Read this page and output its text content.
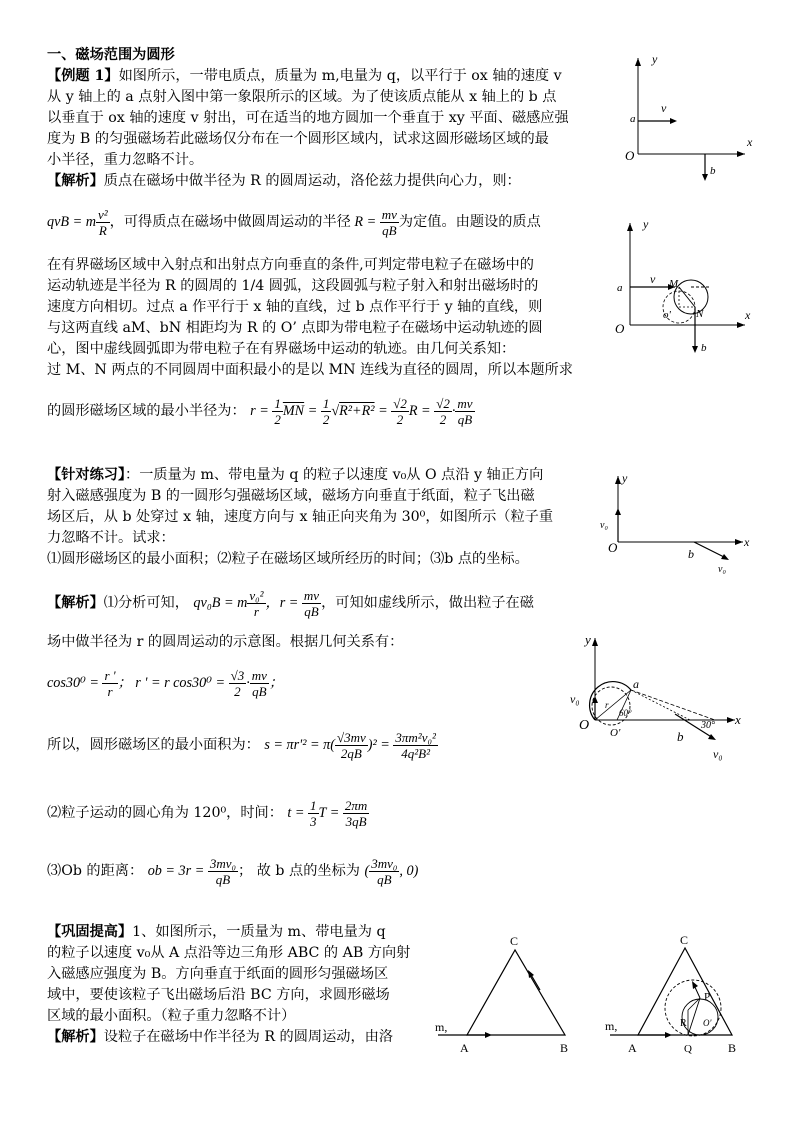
一、磁场范围为圆形
【例题 1】如图所示，一带电质点，质量为 m,电量为 q，以平行于 ox 轴的速度 v
从 y 轴上的 a 点射入图中第一象限所示的区域。为了使该质点能从 x 轴上的 b 点
以垂直于 ox 轴的速度 v 射出，可在适当的地方圆加一个垂直于 xy 平面、磁感应强
度为 B 的匀强磁场若此磁场仅分布在一个圆形区域内，试求这圆形磁场区域的最
小半径，重力忽略不计。
【解析】质点在磁场中做半径为 R 的圆周运动，洛伦兹力提供向心力，则：
qvB = m $\frac{\text{v²}}{R}$ ，可得质点在磁场中做圆周运动的半径 $R = \frac{mv}{qB}$ 为定值。由题设的质点
在有界磁场区域中入射点和出射点方向垂直的条件,可判定带电粒子在磁场中的
运动轨迹是半径为 R 的圆周的 1/4 圆弧，这段圆弧与粒子射入和射出磁场时的
速度方向相切。过点 a 作平行于 x 轴的直线，过 b 点作平行于 y 轴的直线，则
与这两直线 aM、bN 相距均为 R 的 O’ 点即为带电粒子在磁场中运动轨迹的圆
心，图中虚线圆弧即为带电粒子在有界磁场中运动的轨迹。由几何关系知：
过 M、N 两点的不同圆周中面积最小的是以 MN 连线为直径的圆周，所以本题所求
的圆形磁场区域的最小半径为： $r = \frac{1}{2} \overline{MN} = \frac{1}{2} √R^2+R^2 = \frac{√2}{2}$ $R = \frac{√2}{2} \cdot \frac{mv}{qB}$
【针对练习】：一质量为 m、带电量为 q 的粒子以速度 v₀从 O 点沿 y 轴正方向
射入磁感强度为 B 的一圆形匀强磁场区域，磁场方向垂直于纸面，粒子飞出磁
场区后，从 b 处穿过 x 轴，速度方向与 x 轴正向夹角为 30⁰，如图所示（粒子重
力忽略不计。试求：
⑴圆形磁场区的最小面积；⑵粒子在磁场区域所经历的时间；⑶b 点的坐标。
【解析】⑴分析可知， qv₀B = m $\frac{\text{v₀²}}{r}$ ，$r = \frac{mv}{qB}$ ，可知如虚线所示，做出粒子在磁
场中做半径为 r 的圆周运动的示意图。根据几何关系有：
$\cos 30^0 = \frac{r '}{r}$ ； r ' = r $\cos 30^0 = \frac{√3}{2} \cdot \frac{mv}{qB}$ ；
所以，圆形磁场区的最小面积为： $s = \pi r'^2 = \pi( \frac{√3mv}{2qB} )^2 = \frac{\text{3πm²v₀²}}{\text{4q²B²}}$
⑵粒子运动的圆心角为 120⁰，时间： $t = \frac{1}{3}$ $T = \frac{2\pi m}{3qB}$
⑶Ob 的距离： ob = $3r = \frac{\text{3mv₀}}{qB}$ ； 故 b 点的坐标为 ( $\frac{\text{3mv₀}}{qB}$ , 0)
【巩固提高】1、如图所示，一质量为 m、带电量为 q
的粒子以速度 v₀从 A 点沿等边三角形 ABC 的 AB 方向射
入磁感应强度为 B。方向垂直于纸面的圆形匀强磁场区
域中，要使该粒子飞出磁场后沿 BC 方向，求圆形磁场
区域的最小面积。（粒子重力忽略不计）
【解析】设粒子在磁场中作半径为 R 的圆周运动，由洛
y
x
O
a
v
b
y
x
O
a
v M
N
o'
b
y
x
O
v₀
b
v₀
y
x
O
v₀
a
60°
r
O'
30°
b
v₀
C
A	B
m,
C
A	B
m,
P
Q
R O'
